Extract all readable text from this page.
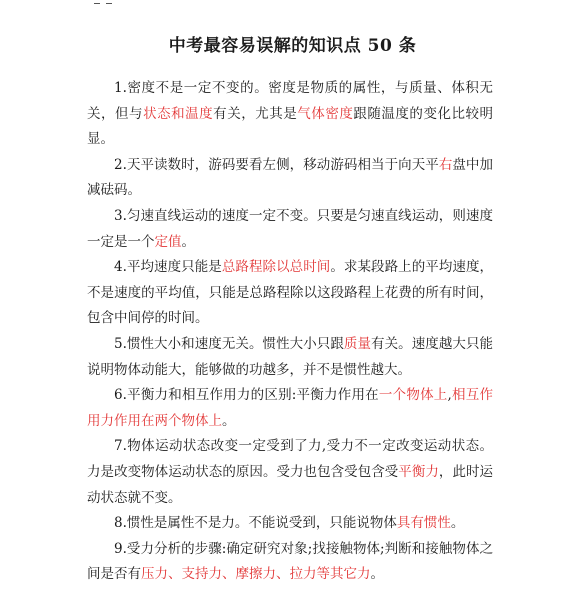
中考最容易误解的知识点 50 条

1.密度不是一定不变的。密度是物质的属性，与质量、体积无关，但与状态和温度有关，尤其是气体密度跟随温度的变化比较明显。

2.天平读数时，游码要看左侧，移动游码相当于向天平右盘中加减砝码。

3.匀速直线运动的速度一定不变。只要是匀速直线运动，则速度一定是一个定值。

4.平均速度只能是总路程除以总时间。求某段路上的平均速度，不是速度的平均值，只能是总路程除以这段路程上花费的所有时间，包含中间停的时间。

5.惯性大小和速度无关。惯性大小只跟质量有关。速度越大只能说明物体动能大，能够做的功越多，并不是惯性越大。

6.平衡力和相互作用力的区别:平衡力作用在一个物体上,相互作用力作用在两个物体上。

7.物体运动状态改变一定受到了力,受力不一定改变运动状态。力是改变物体运动状态的原因。受力也包含受包含受平衡力，此时运动状态就不变。

8.惯性是属性不是力。不能说受到，只能说物体具有惯性。

9.受力分析的步骤:确定研究对象;找接触物体;判断和接触物体之间是否有压力、支持力、摩擦力、拉力等其它力。
